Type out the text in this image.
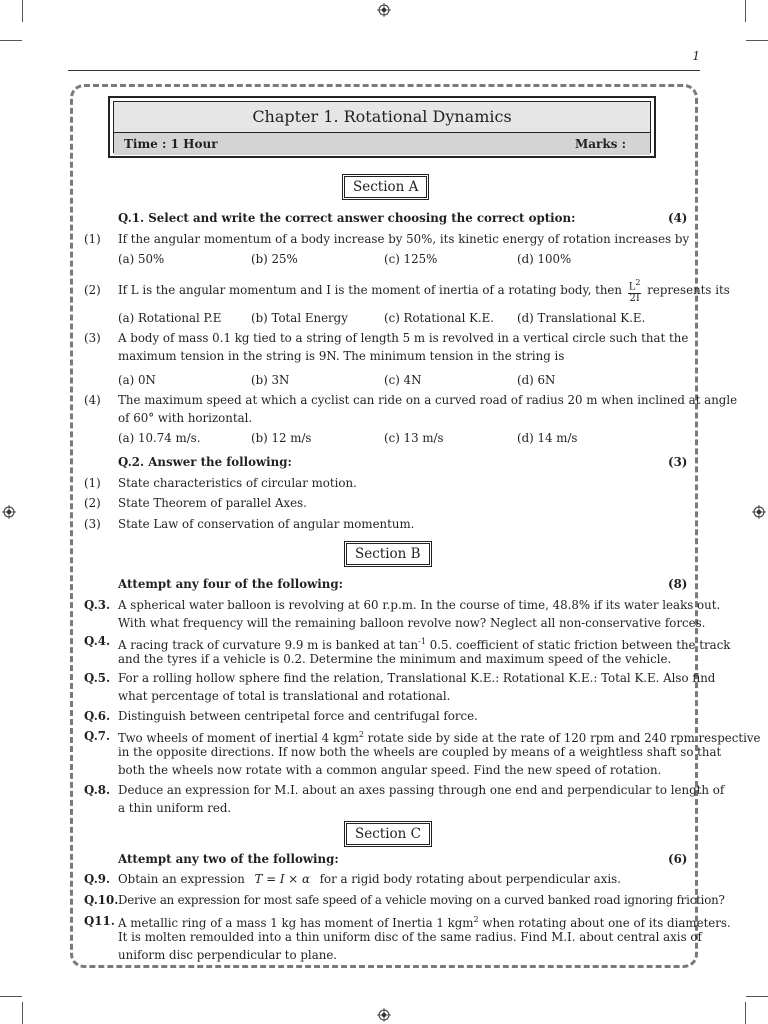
1
Chapter 1. Rotational Dynamics
Time : 1 Hour	Marks :
Section A
Q.1. Select and write the correct answer choosing the correct option:	(4)
(1) If the angular momentum of a body increase by 50%, its kinetic energy of rotation increases by
(a) 50%	(b) 25%	(c) 125%	(d) 100%
(2) If L is the angular momentum and I is the moment of inertia of a rotating body, then $\frac{L^2}{2I}$ represents its
(a) Rotational P.E	(b) Total Energy	(c) Rotational K.E. (d) Translational K.E.
(3) A body of mass 0.1 kg tied to a string of length 5 m is revolved in a vertical circle such that the
maximum tension in the string is 9N. The minimum tension in the string is
(a) 0N	(b) 3N	(c) 4N	(d) 6N
(4) The maximum speed at which a cyclist can ride on a curved road of radius 20 m when inclined at angle
of 60° with horizontal.
(a) 10.74 m/s.	(b) 12 m/s	(c) 13 m/s	(d) 14 m/s
Q.2. Answer the following:	(3)
(1) State characteristics of circular motion.
(2) State Theorem of parallel Axes.
(3) State Law of conservation of angular momentum.
Section B
Attempt any four of the following:	(8)
Q.3. A spherical water balloon is revolving at 60 r.p.m. In the course of time, 48.8% if its water leaks out.
With what frequency will the remaining balloon revolve now? Neglect all non-conservative forces.
Q.4. A racing track of curvature 9.9 m is banked at $\tan^{-1} 0.5$. coefficient of static friction between the track
and the tyres if a vehicle is 0.2. Determine the minimum and maximum speed of the vehicle.
Q.5. For a rolling hollow sphere find the relation, Translational K.E.: Rotational K.E.: Total K.E. Also find
what percentage of total is translational and rotational.
Q.6. Distinguish between centripetal force and centrifugal force.
Q.7. Two wheels of moment of inertial 4 kgm$^2$ rotate side by side at the rate of 120 rpm and 240 rpm respective
in the opposite directions. If now both the wheels are coupled by means of a weightless shaft so that
both the wheels now rotate with a common angular speed. Find the new speed of rotation.
Q.8. Deduce an expression for M.I. about an axes passing through one end and perpendicular to length of
a thin uniform red.
Section C
Attempt any two of the following:	(6)
Q.9. Obtain an expression T = I × α for a rigid body rotating about perpendicular axis.
Q.10. Derive an expression for most safe speed of a vehicle moving on a curved banked road ignoring friction?
Q11. A metallic ring of a mass 1 kg has moment of Inertia 1 kgm$^2$ when rotating about one of its diameters.
It is molten remoulded into a thin uniform disc of the same radius. Find M.I. about central axis of
uniform disc perpendicular to plane.
